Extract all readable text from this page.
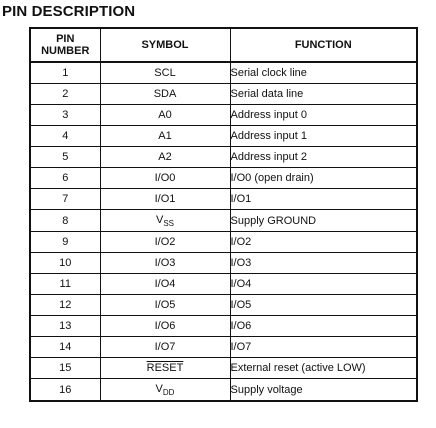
PIN DESCRIPTION
PIN NUMBER	SYMBOL	FUNCTION
1	SCL	Serial clock line
2	SDA	Serial data line
3	A0	Address input 0
4	A1	Address input 1
5	A2	Address input 2
6	I/O0	I/O0 (open drain)
7	I/O1	I/O1
8	$V_{SS}$	Supply GROUND
9	I/O2	I/O2
10	I/O3	I/O3
11	I/O4	I/O4
12	I/O5	I/O5
13	I/O6	I/O6
14	I/O7	I/O7
15	RESET	External reset (active LOW)
16	$V_{DD}$	Supply voltage
